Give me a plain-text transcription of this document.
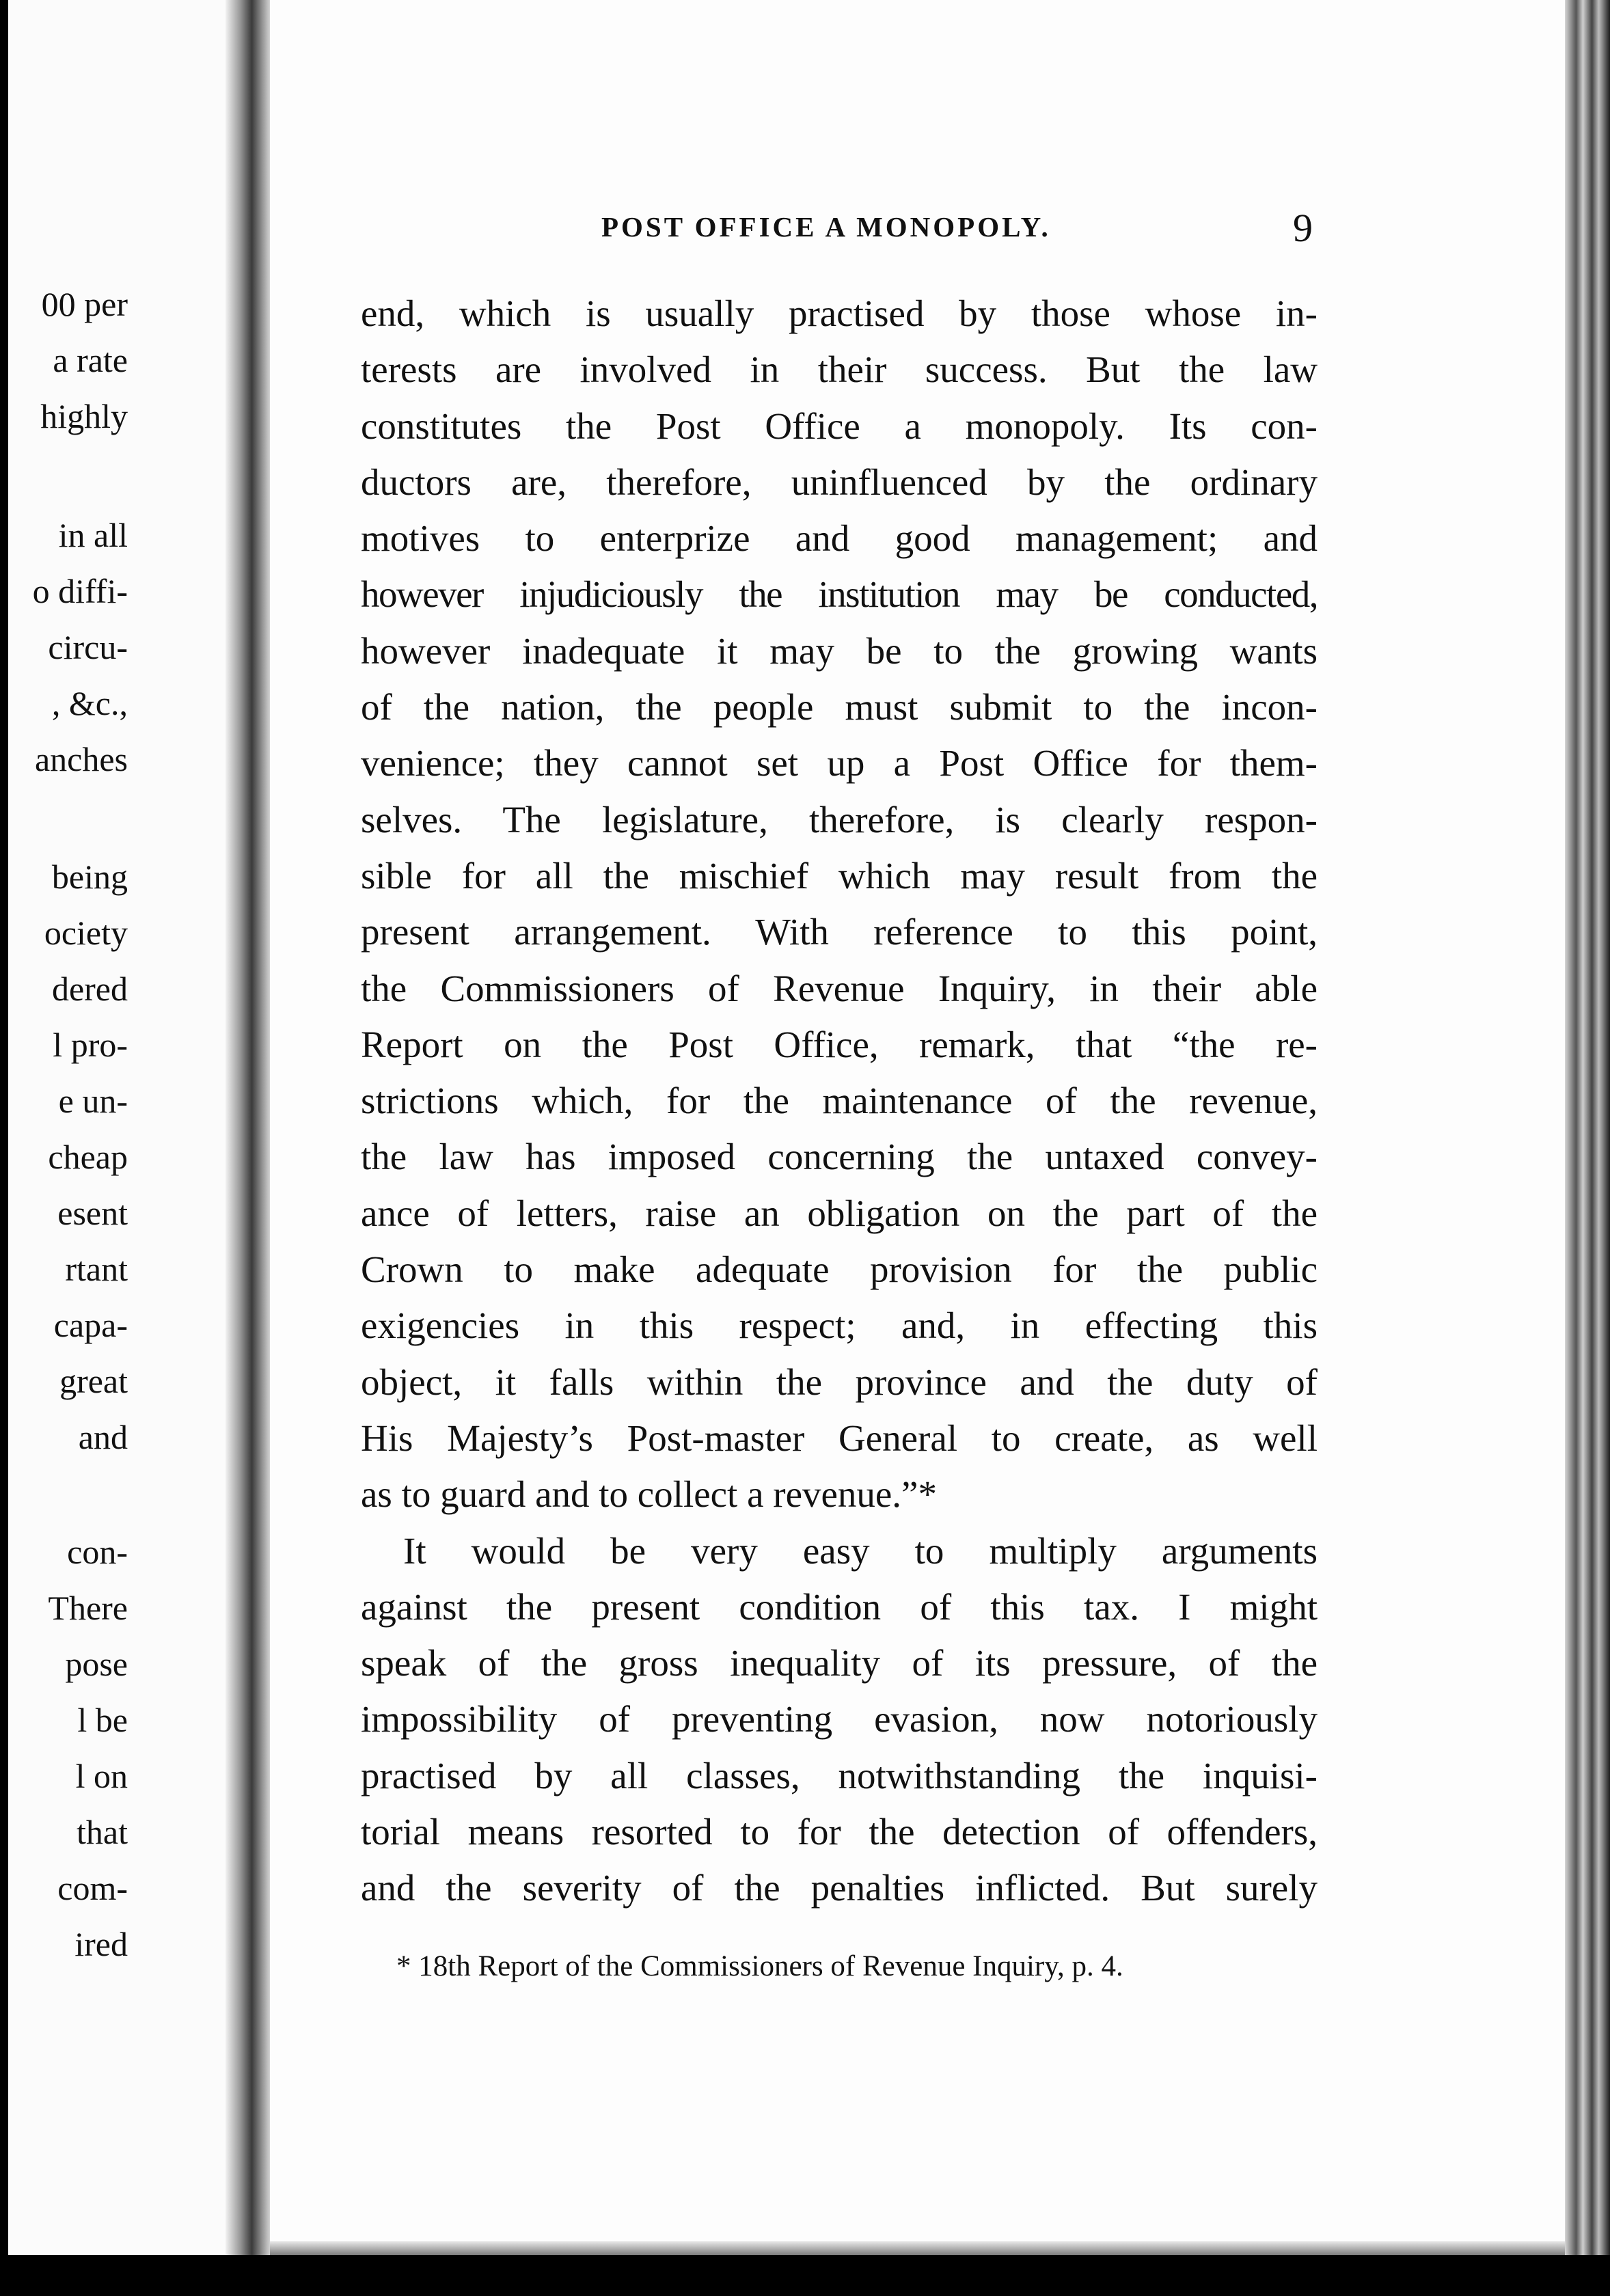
00 per
a rate
highly
in all
o diffi-
circu-
, &c.,
anches
being
ociety
dered
l pro-
e un-
cheap
esent
rtant
capa-
great
and
con-
There
pose
l be
l on
that
com-
ired
POST OFFICE A MONOPOLY.	9
end, which is usually practised by those whose in-
terests are involved in their success. But the law
constitutes the Post Office a monopoly. Its con-
ductors are, therefore, uninfluenced by the ordinary
motives to enterprize and good management; and
however injudiciously the institution may be conducted,
however inadequate it may be to the growing wants
of the nation, the people must submit to the incon-
venience; they cannot set up a Post Office for them-
selves. The legislature, therefore, is clearly respon-
sible for all the mischief which may result from the
present arrangement. With reference to this point,
the Commissioners of Revenue Inquiry, in their able
Report on the Post Office, remark, that “the re-
strictions which, for the maintenance of the revenue,
the law has imposed concerning the untaxed convey-
ance of letters, raise an obligation on the part of the
Crown to make adequate provision for the public
exigencies in this respect; and, in effecting this
object, it falls within the province and the duty of
His Majesty’s Post-master General to create, as well
as to guard and to collect a revenue.”*
It would be very easy to multiply arguments
against the present condition of this tax. I might
speak of the gross inequality of its pressure, of the
impossibility of preventing evasion, now notoriously
practised by all classes, notwithstanding the inquisi-
torial means resorted to for the detection of offenders,
and the severity of the penalties inflicted. But surely
* 18th Report of the Commissioners of Revenue Inquiry, p. 4.
